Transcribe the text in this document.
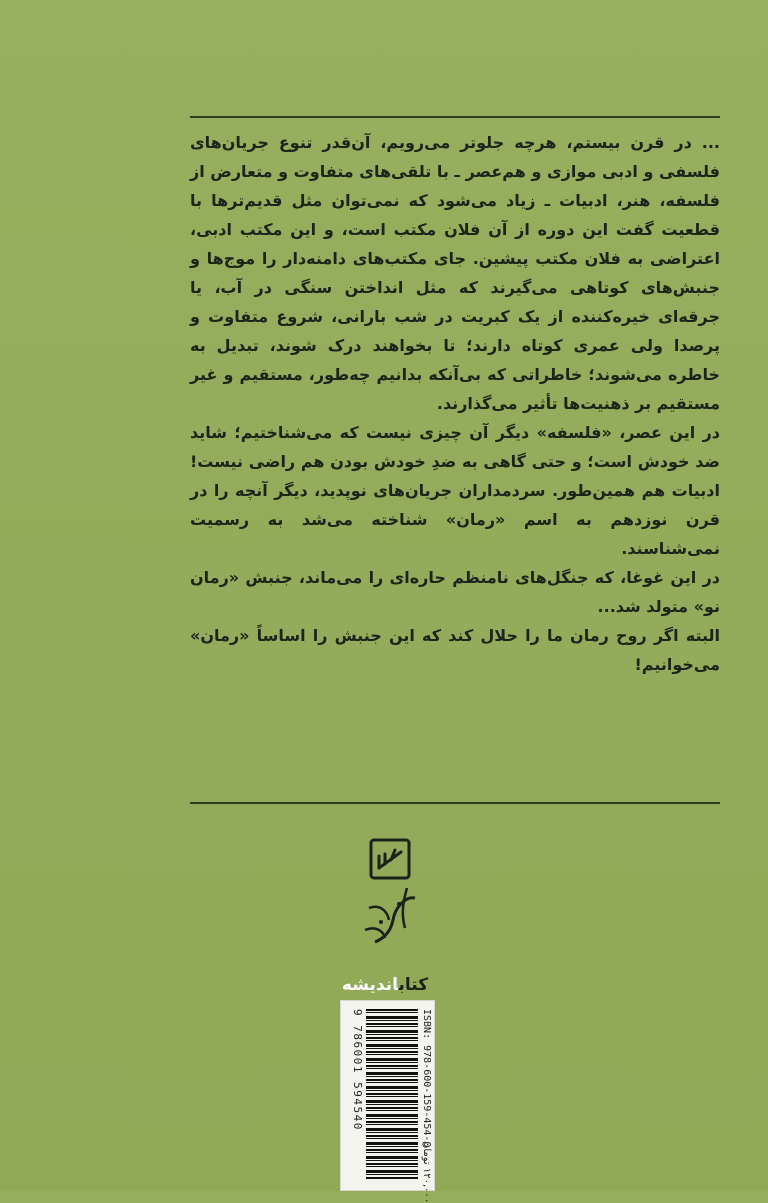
... در قرن بیستم، هرچه جلوتر می‌رویم، آن‌قدر تنوع جریان‌های فلسفی و ادبی موازی و هم‌عصر ـ با تلقی‌های متفاوت و متعارض از فلسفه، هنر، ادبیات ـ زیاد می‌شود که نمی‌توان مثل قدیم‌ترها با قطعیت گفت این دوره از آن فلان مکتب است، و این مکتب ادبی، اعتراضی به فلان مکتب پیشین. جای مکتب‌های دامنه‌دار را موج‌ها و جنبش‌های کوتاهی می‌گیرند که مثل انداختن سنگی در آب، یا جرقه‌ای خیره‌کننده از یک کبریت در شب بارانی، شروع متفاوت و پرصدا ولی عمری کوتاه دارند؛ تا بخواهند درک شوند، تبدیل به خاطره می‌شوند؛ خاطراتی که بی‌آنکه بدانیم چه‌طور، مستقیم و غیر مستقیم بر ذهنیت‌ها تأثیر می‌گذارند.

در این عصر، «فلسفه» دیگر آن چیزی نیست که می‌شناختیم؛ شاید ضد خودش است؛ و حتی گاهی به ضدِ خودش بودن هم راضی نیست! ادبیات هم همین‌طور. سردمداران جریان‌های نوپدید، دیگر آنچه را در قرن نوزدهم به اسم «رمان» شناخته می‌شد به رسمیت نمی‌شناسند.

در این غوغا، که جنگل‌های نامنظم حاره‌ای را می‌ماند، جنبش «رمان نو» متولد شد...

البته اگر روح رمان ما را حلال کند که این جنبش را اساساً «رمان» می‌خوانیم!

کتاباندیشه
ISBN: 978-600-159-454-0
۱۲۰,۰۰۰ تومان
9 786001 594540
